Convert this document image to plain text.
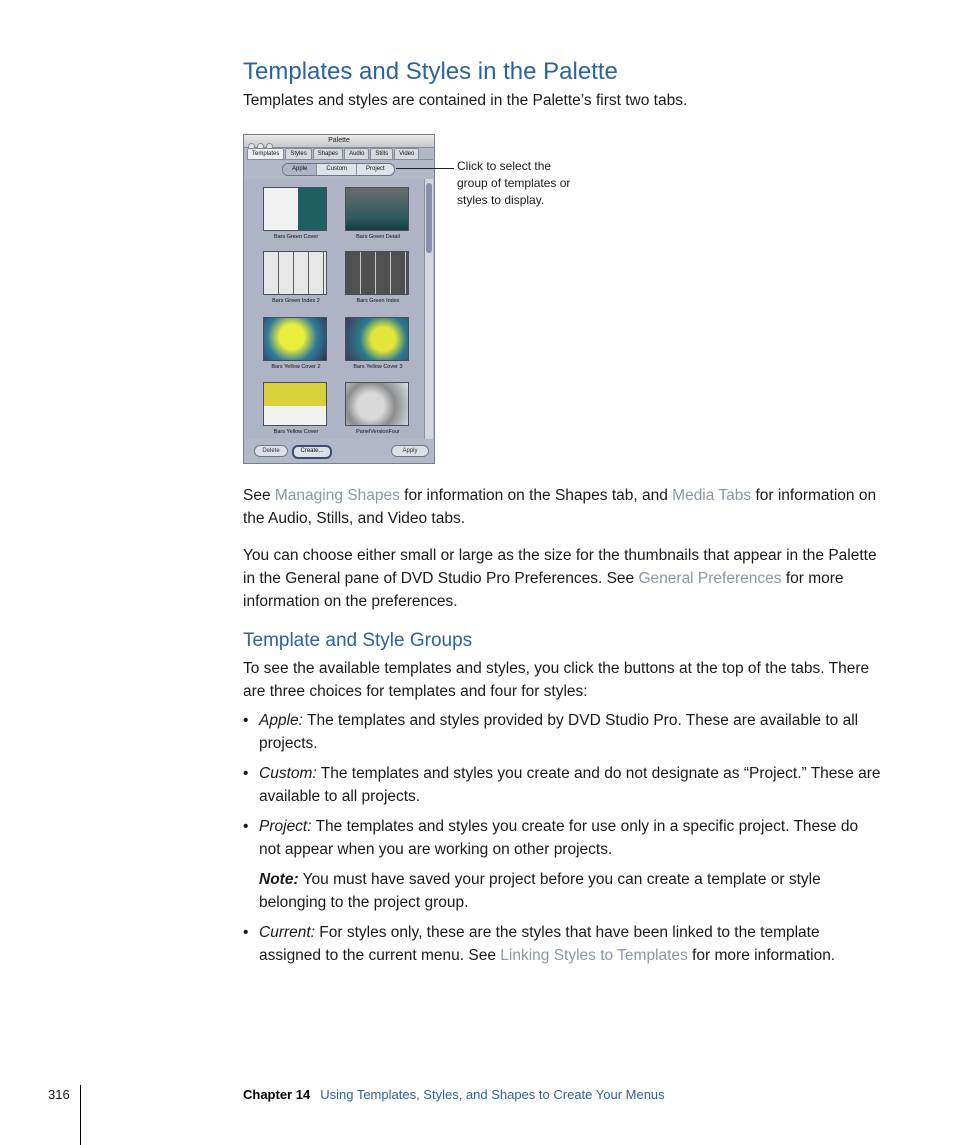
Templates and Styles in the Palette
Templates and styles are contained in the Palette’s first two tabs.
Palette
Templates	Styles	Shapes	Audio	Stills	Video
Apple	Custom	Project
Bars Green Cover	Bars Green Detail
Bars Green Index 2	Bars Green Index
Bars Yellow Cover 2	Bars Yellow Cover 3
Bars Yellow Cover	PanelVersionFour
Delete	Create...	Apply
Click to select the group of templates or styles to display.
See Managing Shapes for information on the Shapes tab, and Media Tabs for information on the Audio, Stills, and Video tabs.
You can choose either small or large as the size for the thumbnails that appear in the Palette in the General pane of DVD Studio Pro Preferences. See General Preferences for more information on the preferences.
Template and Style Groups
To see the available templates and styles, you click the buttons at the top of the tabs. There are three choices for templates and four for styles:
• Apple: The templates and styles provided by DVD Studio Pro. These are available to all projects.
• Custom: The templates and styles you create and do not designate as “Project.” These are available to all projects.
• Project: The templates and styles you create for use only in a specific project. These do not appear when you are working on other projects.
Note: You must have saved your project before you can create a template or style belonging to the project group.
• Current: For styles only, these are the styles that have been linked to the template assigned to the current menu. See Linking Styles to Templates for more information.
316	Chapter 14 Using Templates, Styles, and Shapes to Create Your Menus
